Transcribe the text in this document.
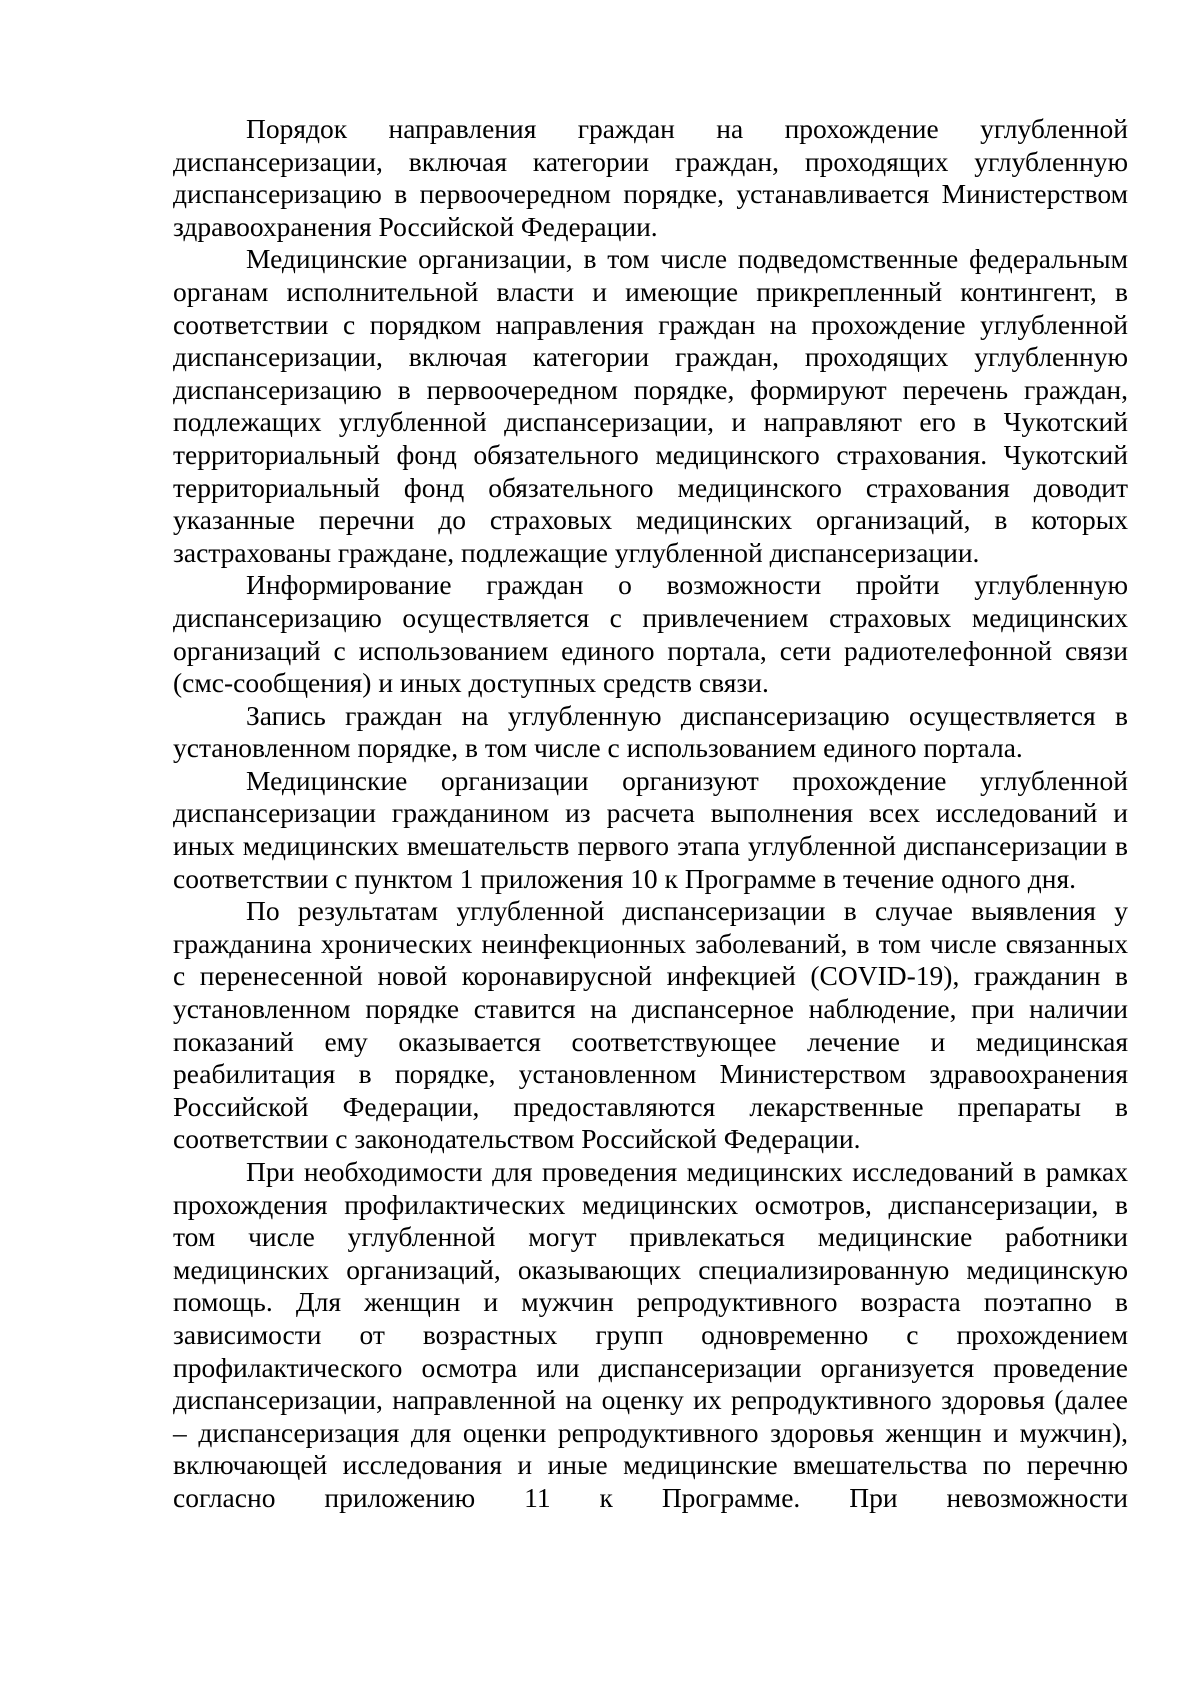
Порядок направления граждан на прохождение углубленной диспансеризации, включая категории граждан, проходящих углубленную диспансеризацию в первоочередном порядке, устанавливается Министерством здравоохранения Российской Федерации.

Медицинские организации, в том числе подведомственные федеральным органам исполнительной власти и имеющие прикрепленный контингент, в соответствии с порядком направления граждан на прохождение углубленной диспансеризации, включая категории граждан, проходящих углубленную диспансеризацию в первоочередном порядке, формируют перечень граждан, подлежащих углубленной диспансеризации, и направляют его в Чукотский территориальный фонд обязательного медицинского страхования. Чукотский территориальный фонд обязательного медицинского страхования доводит указанные перечни до страховых медицинских организаций, в которых застрахованы граждане, подлежащие углубленной диспансеризации.

Информирование граждан о возможности пройти углубленную диспансеризацию осуществляется с привлечением страховых медицинских организаций с использованием единого портала, сети радиотелефонной связи (смс-сообщения) и иных доступных средств связи.

Запись граждан на углубленную диспансеризацию осуществляется в установленном порядке, в том числе с использованием единого портала.

Медицинские организации организуют прохождение углубленной диспансеризации гражданином из расчета выполнения всех исследований и иных медицинских вмешательств первого этапа углубленной диспансеризации в соответствии с пунктом 1 приложения 10 к Программе в течение одного дня.

По результатам углубленной диспансеризации в случае выявления у гражданина хронических неинфекционных заболеваний, в том числе связанных с перенесенной новой коронавирусной инфекцией (COVID-19), гражданин в установленном порядке ставится на диспансерное наблюдение, при наличии показаний ему оказывается соответствующее лечение и медицинская реабилитация в порядке, установленном Министерством здравоохранения Российской Федерации, предоставляются лекарственные препараты в соответствии с законодательством Российской Федерации.

При необходимости для проведения медицинских исследований в рамках прохождения профилактических медицинских осмотров, диспансеризации, в том числе углубленной могут привлекаться медицинские работники медицинских организаций, оказывающих специализированную медицинскую помощь. Для женщин и мужчин репродуктивного возраста поэтапно в зависимости от возрастных групп одновременно с прохождением профилактического осмотра или диспансеризации организуется проведение диспансеризации, направленной на оценку их репродуктивного здоровья (далее – диспансеризация для оценки репродуктивного здоровья женщин и мужчин), включающей исследования и иные медицинские вмешательства по перечню согласно приложению 11 к Программе. При невозможности
